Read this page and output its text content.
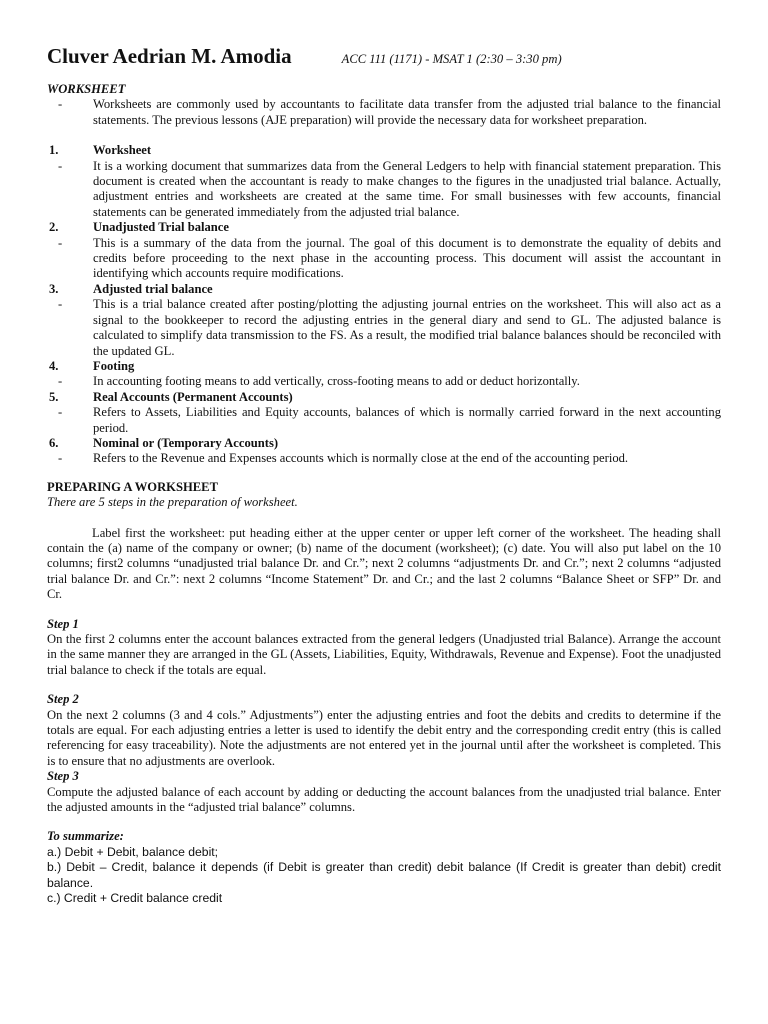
Cluver Aedrian M. Amodia	ACC 111 (1171) - MSAT 1 (2:30 – 3:30 pm)
WORKSHEET
-	Worksheets are commonly used by accountants to facilitate data transfer from the adjusted trial balance to the financial statements. The previous lessons (AJE preparation) will provide the necessary data for worksheet preparation.
1.	Worksheet
-	It is a working document that summarizes data from the General Ledgers to help with financial statement preparation. This document is created when the accountant is ready to make changes to the figures in the unadjusted trial balance. Actually, adjustment entries and worksheets are created at the same time. For small businesses with few accounts, financial statements can be generated immediately from the adjusted trial balance.
2.	Unadjusted Trial balance
-	This is a summary of the data from the journal. The goal of this document is to demonstrate the equality of debits and credits before proceeding to the next phase in the accounting process. This document will assist the accountant in identifying which accounts require modifications.
3.	Adjusted trial balance
-	This is a trial balance created after posting/plotting the adjusting journal entries on the worksheet. This will also act as a signal to the bookkeeper to record the adjusting entries in the general diary and send to GL. The adjusted balance is calculated to simplify data transmission to the FS. As a result, the modified trial balance balances should be reconciled with the updated GL.
4.	Footing
-	In accounting footing means to add vertically, cross-footing means to add or deduct horizontally.
5.	Real Accounts (Permanent Accounts)
-	Refers to Assets, Liabilities and Equity accounts, balances of which is normally carried forward in the next accounting period.
6.	Nominal or (Temporary Accounts)
-	Refers to the Revenue and Expenses accounts which is normally close at the end of the accounting period.
PREPARING A WORKSHEET
There are 5 steps in the preparation of worksheet.
Label first the worksheet: put heading either at the upper center or upper left corner of the worksheet. The heading shall contain the (a) name of the company or owner; (b) name of the document (worksheet); (c) date. You will also put label on the 10 columns; first2 columns “unadjusted trial balance Dr. and Cr.”; next 2 columns “adjustments Dr. and Cr.”; next 2 columns “adjusted trial balance Dr. and Cr.”: next 2 columns “Income Statement” Dr. and Cr.; and the last 2 columns “Balance Sheet or SFP” Dr. and Cr.
Step 1
On the first 2 columns enter the account balances extracted from the general ledgers (Unadjusted trial Balance). Arrange the account in the same manner they are arranged in the GL (Assets, Liabilities, Equity, Withdrawals, Revenue and Expense). Foot the unadjusted trial balance to check if the totals are equal.
Step 2
On the next 2 columns (3 and 4 cols.” Adjustments”) enter the adjusting entries and foot the debits and credits to determine if the totals are equal. For each adjusting entries a letter is used to identify the debit entry and the corresponding credit entry (this is called referencing for easy traceability). Note the adjustments are not entered yet in the journal until after the worksheet is completed. This is to ensure that no adjustments are overlook.
Step 3
Compute the adjusted balance of each account by adding or deducting the account balances from the unadjusted trial balance. Enter the adjusted amounts in the “adjusted trial balance” columns.
To summarize:
a.) Debit + Debit, balance debit;
b.) Debit – Credit, balance it depends (if Debit is greater than credit) debit balance (If Credit is greater than debit) credit balance.
c.) Credit + Credit balance credit
